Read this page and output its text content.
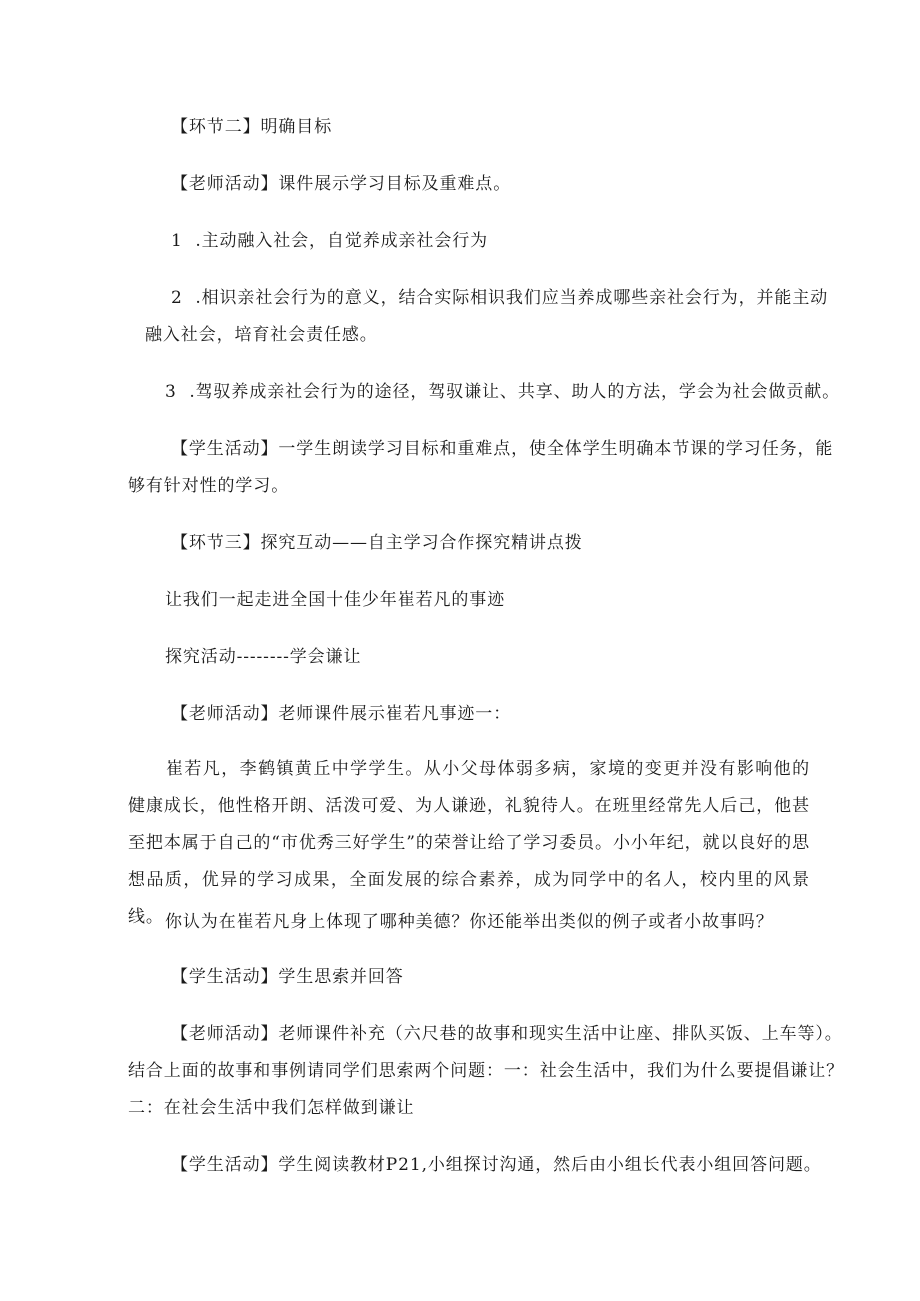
【环节二】明确目标
【老师活动】课件展示学习目标及重难点。
1  .主动融入社会，自觉养成亲社会行为
2  .相识亲社会行为的意义，结合实际相识我们应当养成哪些亲社会行为，并能主动
融入社会，培育社会责任感。
3  .驾驭养成亲社会行为的途径，驾驭谦让、共享、助人的方法，学会为社会做贡献。
【学生活动】一学生朗读学习目标和重难点，使全体学生明确本节课的学习任务，能
够有针对性的学习。
【环节三】探究互动——自主学习合作探究精讲点拨
让我们一起走进全国十佳少年崔若凡的事迹
探究活动--------学会谦让
【老师活动】老师课件展示崔若凡事迹一：
崔若凡，李鹤镇黄丘中学学生。从小父母体弱多病，家境的变更并没有影响他的健康成长，他性格开朗、活泼可爱、为人谦逊，礼貌待人。在班里经常先人后己，他甚至把本属于自己的“市优秀三好学生”的荣誉让给了学习委员。小小年纪，就以良好的思想品质，优异的学习成果，全面发展的综合素养，成为同学中的名人，校内里的风景线。 你认为在崔若凡身上体现了哪种美德？你还能举出类似的例子或者小故事吗？
【学生活动】学生思索并回答
【老师活动】老师课件补充（六尺巷的故事和现实生活中让座、排队买饭、上车等）。
结合上面的故事和事例请同学们思索两个问题：一：社会生活中，我们为什么要提倡谦让？
二：在社会生活中我们怎样做到谦让
【学生活动】学生阅读教材P21,小组探讨沟通，然后由小组长代表小组回答问题。
